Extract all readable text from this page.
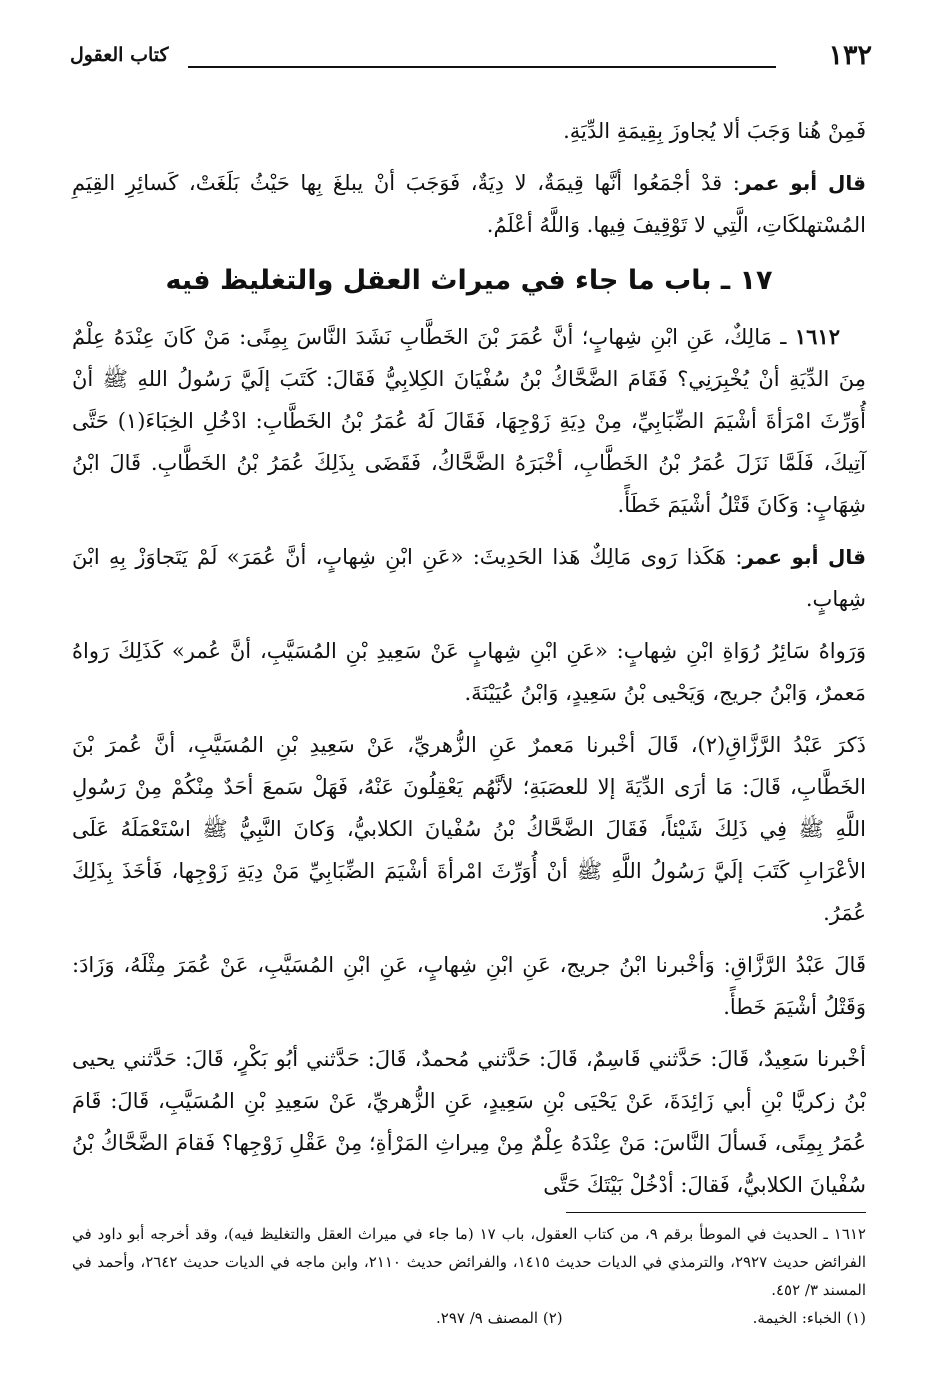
١٣٢
كتاب العقول

فَمِنْ هُنا وَجَبَ ألا يُجاوزَ بِقِيمَةِ الدِّيَةِ.

قال أبو عمر: قدْ أجْمَعُوا أنَّها قِيمَةٌ، لا دِيَةٌ، فَوَجَبَ أنْ يبلغَ بِها حَيْثُ بَلَغَتْ، كَسائِرِ القِيَمِ المُسْتهلكَاتِ، الَّتِي لا تَوْقِيفَ فِيها. وَاللَّهُ أعْلَمُ.

١٧ ـ باب ما جاء في ميراث العقل والتغليظ فيه

١٦١٢ ـ مَالِكٌ، عَنِ ابْنِ شِهابٍ؛ أنَّ عُمَرَ بْنَ الخَطَّابِ نَشَدَ النَّاسَ بِمِنًى: مَنْ كَانَ عِنْدَهُ عِلْمٌ مِنَ الدِّيَةِ أنْ يُخْبِرَنِي؟ فَقَامَ الضَّحَّاكُ بْنُ سُفْيَانَ الكِلابِيُّ فَقَالَ: كَتَبَ إلَيَّ رَسُولُ اللهِ ﷺ أنْ أُوَرِّثَ امْرَأةَ أشْيَمَ الضِّبَابِيِّ، مِنْ دِيَةِ زَوْجِهَا، فَقَالَ لَهُ عُمَرُ بْنُ الخَطَّابِ: ادْخُلِ الخِبَاءَ(١) حَتَّى آتِيكَ، فَلَمَّا نَزَلَ عُمَرُ بْنُ الخَطَّابِ، أخْبَرَهُ الضَّحَّاكُ، فَقَضَى بِذَلِكَ عُمَرُ بْنُ الخَطَّابِ. قَالَ ابْنُ شِهَابٍ: وَكَانَ قَتْلُ أشْيَمَ خَطَأً.

قال أبو عمر: هَكَذا رَوى مَالِكٌ هَذا الحَدِيثَ: «عَنِ ابْنِ شِهابٍ، أنَّ عُمَرَ» لَمْ يَتَجاوَزْ بِهِ ابْنَ شِهابٍ.

وَرَواهُ سَائِرُ رُوَاةِ ابْنِ شِهابٍ: «عَنِ ابْنِ شِهابٍ عَنْ سَعِيدِ بْنِ المُسَيَّبِ، أنَّ عُمر» كَذَلِكَ رَواهُ مَعمرٌ، وَابْنُ جريج، وَيَحْيى بْنُ سَعِيدٍ، وَابْنُ عُيَيْنَةَ.

ذَكرَ عَبْدُ الرَّزَّاقِ(٢)، قَالَ أخْبرنا مَعمرٌ عَنِ الزُّهريِّ، عَنْ سَعِيدِ بْنِ المُسَيَّبِ، أنَّ عُمرَ بْنَ الخَطَّابِ، قَالَ: مَا أرَى الدِّيَةَ إلا للعصَبَةِ؛ لأنَّهُم يَعْقِلُونَ عَنْهُ، فَهَلْ سَمعَ أحَدٌ مِنْكُمْ مِنْ رَسُولِ اللَّهِ ﷺ فِي ذَلِكَ شَيْئاً، فَقَالَ الضَّحَّاكُ بْنُ سُفْيانَ الكلابيُّ، وَكانَ النَّبِيُّ ﷺ اسْتَعْمَلَهُ عَلَى الأعْرَابِ كَتَبَ إلَيَّ رَسُولُ اللَّهِ ﷺ أنْ أُوَرِّثَ امْرأةَ أشْيَمَ الضِّبَابِيِّ مَنْ دِيَةِ زَوْجِها، فَأخَذَ بِذَلِكَ عُمَرُ.

قَالَ عَبْدُ الرَّزَّاقِ: وَأخْبرنا ابْنُ جريج، عَنِ ابْنِ شِهابٍ، عَنِ ابْنِ المُسَيَّبِ، عَنْ عُمَرَ مِثْلَهُ، وَزَادَ: وَقَتْلُ أشْيَمَ خَطأً.

أخْبرنا سَعِيدٌ، قَالَ: حَدَّثني قَاسِمٌ، قَالَ: حَدَّثني مُحمدٌ، قَالَ: حَدَّثني أبُو بَكْرٍ، قَالَ: حَدَّثني يحيى بْنُ زكريَّا بْنِ أبي زَائِدَةَ، عَنْ يَحْيَى بْنِ سَعِيدٍ، عَنِ الزُّهريِّ، عَنْ سَعِيدِ بْنِ المُسَيَّبِ، قَالَ: قَامَ عُمَرُ بِمِنًى، فَسألَ النَّاسَ: مَنْ عِنْدَهُ عِلْمٌ مِنْ مِيراثِ المَرْأةِ؛ مِنْ عَقْلِ زَوْجِها؟ فَقامَ الضَّحَّاكُ بْنُ سُفْيانَ الكلابيُّ، فَقالَ: أدْخُلْ بَيْتَكَ حَتَّى

١٦١٢ ـ الحديث في الموطأ برقم ٩، من كتاب العقول، باب ١٧ (ما جاء في ميراث العقل والتغليظ فيه)، وقد أخرجه أبو داود في الفرائض حديث ٢٩٢٧، والترمذي في الديات حديث ١٤١٥، والفرائض حديث ٢١١٠، وابن ماجه في الديات حديث ٢٦٤٢، وأحمد في المسند ٣/ ٤٥٢.

(١) الخباء: الخيمة.
(٢) المصنف ٩/ ٢٩٧.
